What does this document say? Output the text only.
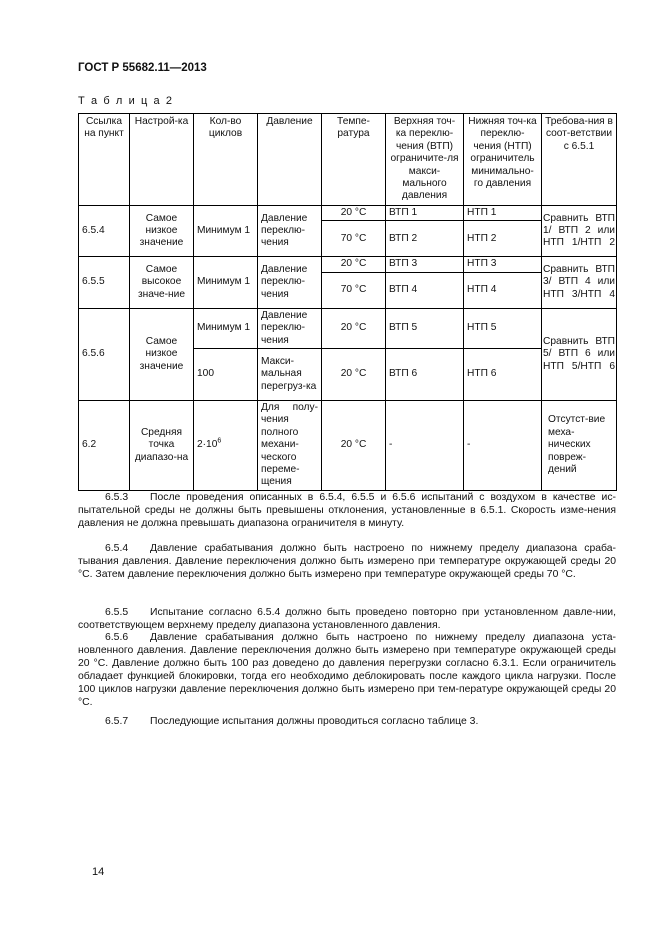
ГОСТ Р 55682.11—2013
Т а б л и ц а 2
Ссылка на пункт	Настрой-ка	Кол-во циклов	Давление	Темпе-ратура	Верхняя точ-ка переклю-чения (ВТП) ограничите-ля макси-мального давления	Нижняя точ-ка переклю-чения (НТП) ограничитель минимально-го давления	Требова-ния в соот-ветствии с 6.5.1
6.5.4	Самое низкое значение	Минимум 1	Давление переклю-чения	20 °С	ВТП 1	НТП 1	Сравнить ВТП 1/ ВТП 2 или НТП 1/НТП 2
				70 °С	ВТП 2	НТП 2	
6.5.5	Самое высокое значе-ние	Минимум 1	Давление переклю-чения	20 °С	ВТП 3	НТП 3	Сравнить ВТП 3/ ВТП 4 или НТП 3/НТП 4
				70 °С	ВТП 4	НТП 4	
6.5.6	Самое низкое значение	Минимум 1	Давление переклю-чения	20 °С	ВТП 5	НТП 5	Сравнить ВТП 5/ ВТП 6 или НТП 5/НТП 6
		100	Макси-мальная перегруз-ка	20 °С	ВТП 6	НТП 6	
6.2	Средняя точка диапазо-на	$2\cdot 10^6$	Для полу-чения полного механи-ческого переме-щения	20 °С	-	-	Отсутст-вие меха-нических повреж-дений
6.5.3 После проведения описанных в 6.5.4, 6.5.5 и 6.5.6 испытаний с воздухом в качестве ис-пытательной среды не должны быть превышены отклонения, установленные в 6.5.1. Скорость изме-нения давления не должна превышать диапазона ограничителя в минуту.
6.5.4 Давление срабатывания должно быть настроено по нижнему пределу диапазона сраба-тывания давления. Давление переключения должно быть измерено при температуре окружающей среды 20 °С. Затем давление переключения должно быть измерено при температуре окружающей среды 70 °С.
6.5.5 Испытание согласно 6.5.4 должно быть проведено повторно при установленном давле-нии, соответствующем верхнему пределу диапазона установленного давления.
6.5.6 Давление срабатывания должно быть настроено по нижнему пределу диапазона уста-новленного давления. Давление переключения должно быть измерено при температуре окружающей среды 20 °С. Давление должно быть 100 раз доведено до давления перегрузки согласно 6.3.1. Если ограничитель обладает функцией блокировки, тогда его необходимо деблокировать после каждого цикла нагрузки. После 100 циклов нагрузки давление переключения должно быть измерено при тем-пературе окружающей среды 20 °С.
6.5.7 Последующие испытания должны проводиться согласно таблице 3.
14
